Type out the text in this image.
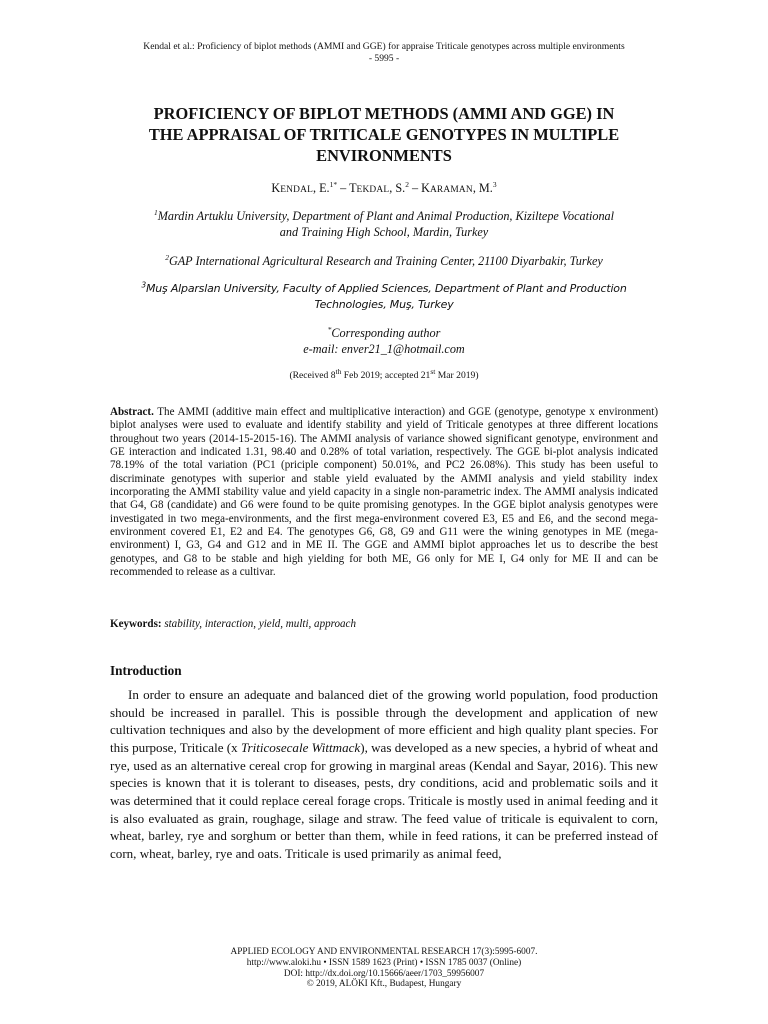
Kendal et al.: Proficiency of biplot methods (AMMI and GGE) for appraise Triticale genotypes across multiple environments
- 5995 -
PROFICIENCY OF BIPLOT METHODS (AMMI AND GGE) IN
THE APPRAISAL OF TRITICALE GENOTYPES IN MULTIPLE
ENVIRONMENTS
KENDAL, E.$^{1*}$ – TEKDAL, S.$^2$ – KARAMAN, M.$^3$
$^1$Mardin Artuklu University, Department of Plant and Animal Production, Kiziltepe Vocational
and Training High School, Mardin, Turkey
$^2$GAP International Agricultural Research and Training Center, 21100 Diyarbakir, Turkey
$^3$Muş Alparslan University, Faculty of Applied Sciences, Department of Plant and Production
Technologies, Muş, Turkey
*Corresponding author
e-mail: enver21_1@hotmail.com
(Received 8th Feb 2019; accepted 21st Mar 2019)

Abstract. The AMMI (additive main effect and multiplicative interaction) and GGE (genotype, genotype x environment) biplot analyses were used to evaluate and identify stability and yield of Triticale genotypes at three different locations throughout two years (2014-15-2015-16). The AMMI analysis of variance showed significant genotype, environment and GE interaction and indicated 1.31, 98.40 and 0.28% of total variation, respectively. The GGE bi-plot analysis indicated 78.19% of the total variation (PC1 (priciple component) 50.01%, and PC2 26.08%). This study has been useful to discriminate genotypes with superior and stable yield evaluated by the AMMI analysis and yield stability index incorporating the AMMI stability value and yield capacity in a single non-parametric index. The AMMI analysis indicated that G4, G8 (candidate) and G6 were found to be quite promising genotypes. In the GGE biplot analysis genotypes were investigated in two mega-environments, and the first mega-environment covered E3, E5 and E6, and the second mega-environment covered E1, E2 and E4. The genotypes G6, G8, G9 and G11 were the wining genotypes in ME (mega-environment) I, G3, G4 and G12 and in ME II. The GGE and AMMI biplot approaches let us to describe the best genotypes, and G8 to be stable and high yielding for both ME, G6 only for ME I, G4 only for ME II and can be recommended to release as a cultivar.

Keywords: stability, interaction, yield, multi, approach

Introduction

In order to ensure an adequate and balanced diet of the growing world population, food production should be increased in parallel. This is possible through the development and application of new cultivation techniques and also by the development of more efficient and high quality plant species. For this purpose, Triticale (x Triticosecale Wittmack), was developed as a new species, a hybrid of wheat and rye, used as an alternative cereal crop for growing in marginal areas (Kendal and Sayar, 2016). This new species is known that it is tolerant to diseases, pests, dry conditions, acid and problematic soils and it was determined that it could replace cereal forage crops. Triticale is mostly used in animal feeding and it is also evaluated as grain, roughage, silage and straw. The feed value of triticale is equivalent to corn, wheat, barley, rye and sorghum or better than them, while in feed rations, it can be preferred instead of corn, wheat, barley, rye and oats. Triticale is used primarily as animal feed,

APPLIED ECOLOGY AND ENVIRONMENTAL RESEARCH 17(3):5995-6007.
http://www.aloki.hu • ISSN 1589 1623 (Print) • ISSN 1785 0037 (Online)
DOI: http://dx.doi.org/10.15666/aeer/1703_59956007
© 2019, ALÖKI Kft., Budapest, Hungary
